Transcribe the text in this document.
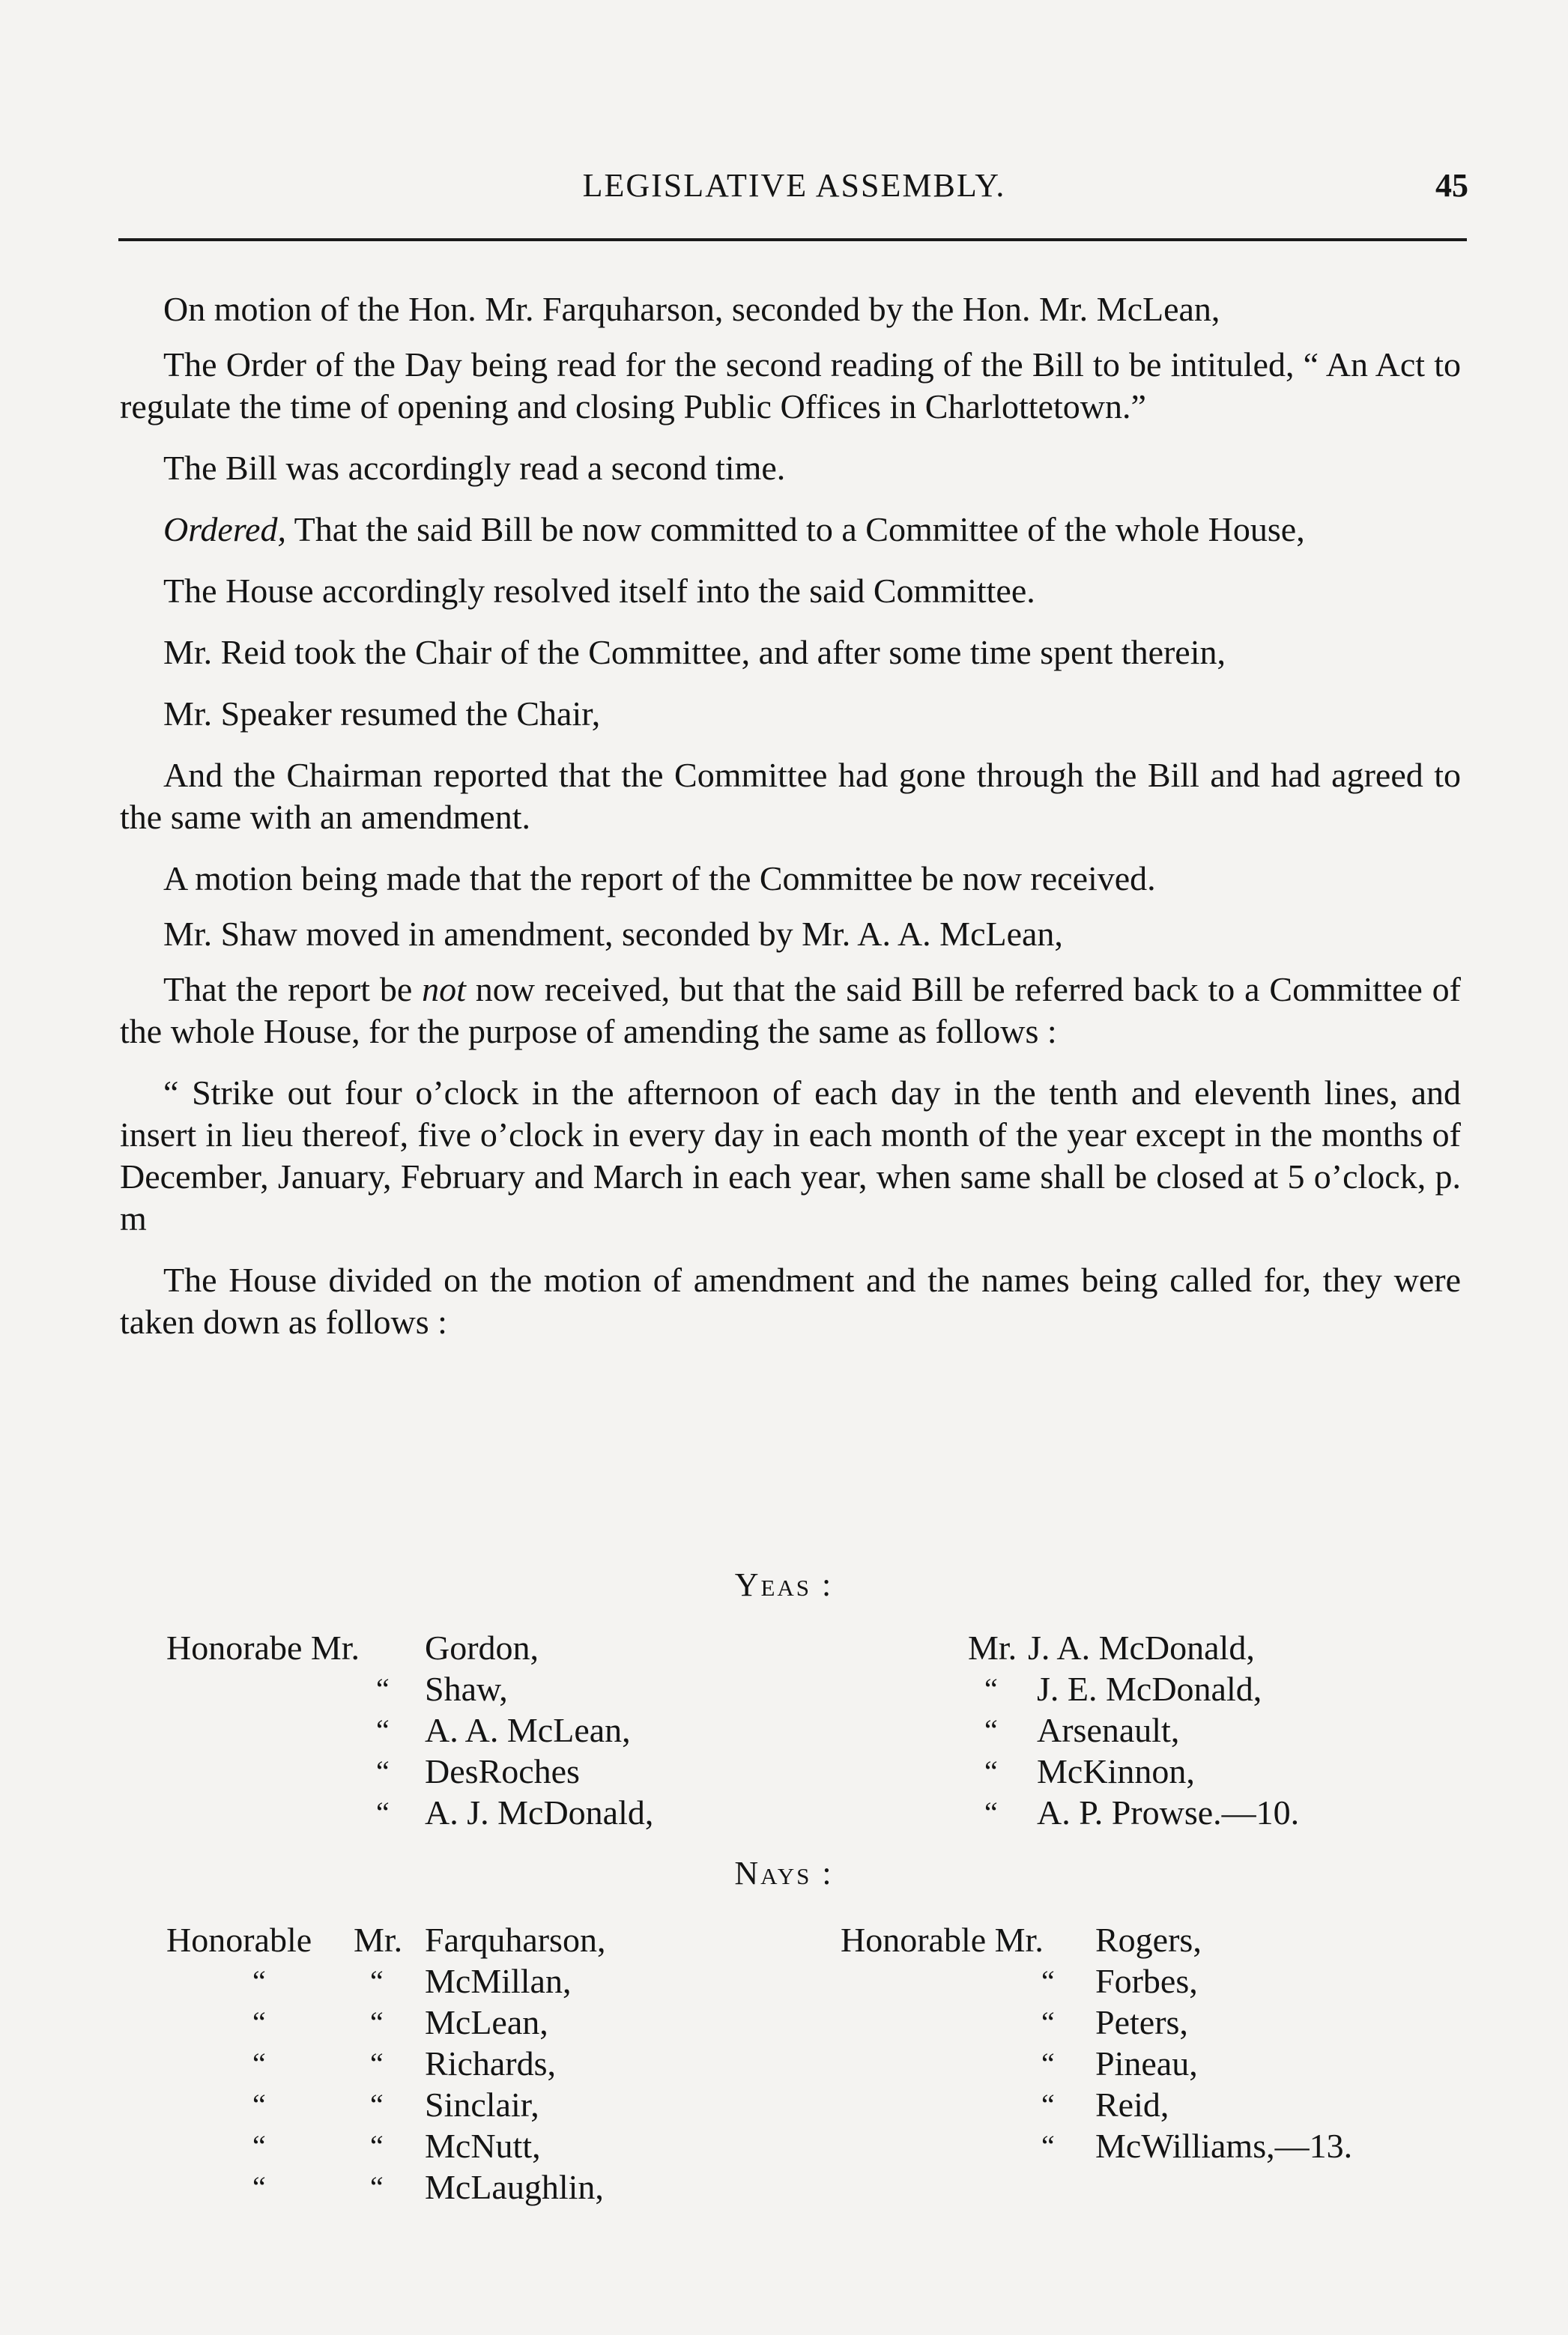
LEGISLATIVE ASSEMBLY.	45

On motion of the Hon. Mr. Farquharson, seconded by the Hon. Mr. McLean,

The Order of the Day being read for the second reading of the Bill to be intituled, “ An Act to regulate the time of opening and closing Public Offices in Charlottetown.”

The Bill was accordingly read a second time.

Ordered, That the said Bill be now committed to a Committee of the whole House,

The House accordingly resolved itself into the said Committee.

Mr. Reid took the Chair of the Committee, and after some time spent therein,

Mr. Speaker resumed the Chair,

And the Chairman reported that the Committee had gone through the Bill and had agreed to the same with an amendment.

A motion being made that the report of the Committee be now received.

Mr. Shaw moved in amendment, seconded by Mr. A. A. McLean,

That the report be not now received, but that the said Bill be referred back to a Committee of the whole House, for the purpose of amending the same as follows :

“ Strike out four o’clock in the afternoon of each day in the tenth and eleventh lines, and insert in lieu thereof, five o’clock in every day in each month of the year except in the months of December, January, February and March in each year, when same shall be closed at 5 o’clock, p. m

The House divided on the motion of amendment and the names being called for, they were taken down as follows :

Yeas :
Honorabe Mr. Gordon,
“ Shaw,
“ A. A. McLean,
“ DesRoches
“ A. J. McDonald,
Mr. J. A. McDonald,
“ J. E. McDonald,
“ Arsenault,
“ McKinnon,
“ A. P. Prowse.—10.
Nays :
Honorable Mr. Farquharson,
“	“ McMillan,
“	“ McLean,
“	“ Richards,
“	“ Sinclair,
“	“ McNutt,
“	“ McLaughlin,
Honorable Mr. Rogers,
“ Forbes,
“ Peters,
“ Pineau,
“ Reid,
“ McWilliams,—13.
